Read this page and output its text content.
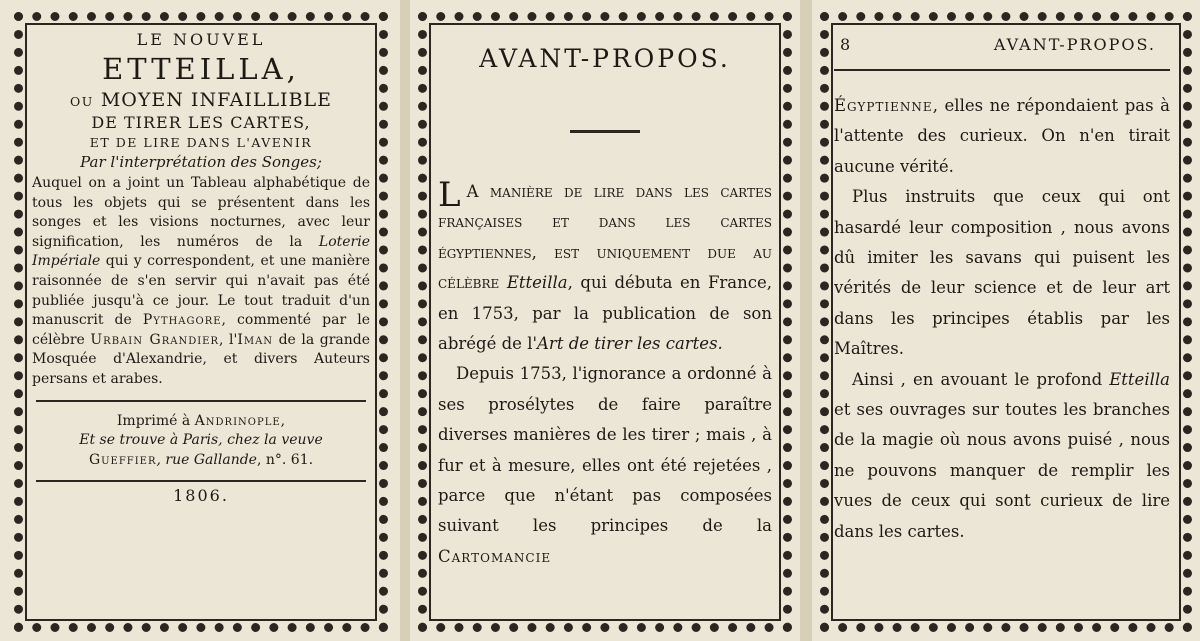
LE NOUVEL
ETTEILLA,
OU MOYEN INFAILLIBLE
DE TIRER LES CARTES,
ET DE LIRE DANS L'AVENIR
Par l'interprétation des Songes;

Auquel on a joint un Tableau alphabétique de tous les objets qui se présentent dans les songes et les visions nocturnes, avec leur signification, les numéros de la Loterie Impériale qui y correspondent, et une manière raisonnée de s'en servir qui n'avait pas été publiée jusqu'à ce jour. Le tout traduit d'un manuscrit de Pythagore, commenté par le célèbre Urbain Grandier, l'Iman de la grande Mosquée d'Alexandrie, et divers Auteurs persans et arabes.

Imprimé à Andrinople,
Et se trouve à Paris, chez la veuve
Gueffier, rue Gallande, n°. 61.
1806.
AVANT-PROPOS.

L A manière de lire dans les cartes françaises et dans les cartes égyptiennes, est uniquement due au célèbre Etteilla, qui débuta en France, en 1753, par la publication de son abrégé de l'Art de tirer les cartes.

Depuis 1753, l'ignorance a ordonné à ses prosélytes de faire paraître diverses manières de les tirer ; mais , à fur et à mesure, elles ont été rejetées , parce que n'étant pas composées suivant les principes de la Cartomancie

8	AVANT-PROPOS.

Égyptienne, elles ne répondaient pas à l'attente des curieux. On n'en tirait aucune vérité.

Plus instruits que ceux qui ont hasardé leur composition , nous avons dû imiter les savans qui puisent les vérités de leur science et de leur art dans les principes établis par les Maîtres.

Ainsi , en avouant le profond Etteilla et ses ouvrages sur toutes les branches de la magie où nous avons puisé , nous ne pouvons manquer de remplir les vues de ceux qui sont curieux de lire dans les cartes.
